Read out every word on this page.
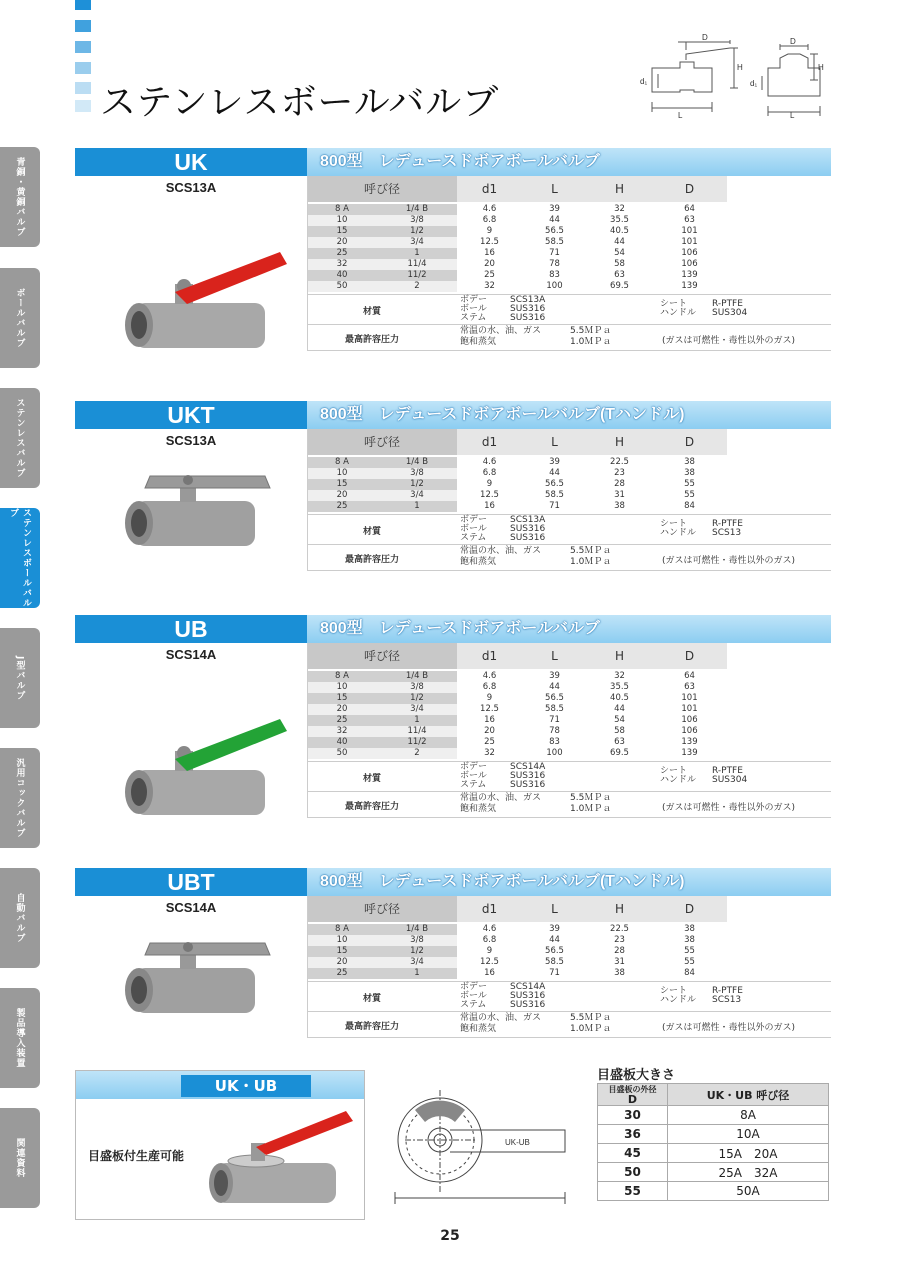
ステンレスボールバルブ
D	D
H	H
d₁	d₁
L	L
青銅・黄銅バルブ
ボールバルブ
ステンレスバルブ
ステンレスボールバルブ
J型バルブ
汎用コックバルブ
自動バルブ
製品導入装置
関連資料
UK	800型　レデュースドボアボールバルブ
SCS13A	呼び径	d1	L	H	D
8 A	1/4 B	4.6	39	32	64
10	3/8	6.8	44	35.5	63
15	1/2	9	56.5	40.5	101
20	3/4	12.5	58.5	44	101
25	1	16	71	54	106
32	11/4	20	78	58	106
40	11/2	25	83	63	139
50	2	32	100	69.5	139
材質
ボデー	SCS13A
ボール	SUS316
ステム	SUS316
シート	R-PTFE
ハンドル SUS304
最高許容圧力
常温の水、油、ガス	5.5ＭＰａ
飽和蒸気	1.0ＭＰａ	(ガスは可燃性・毒性以外のガス)
UKT	800型　レデュースドボアボールバルブ(Tハンドル)
SCS13A	呼び径	d1	L	H	D
8 A	1/4 B	4.6	39	22.5	38
10	3/8	6.8	44	23	38
15	1/2	9	56.5	28	55
20	3/4	12.5	58.5	31	55
25	1	16	71	38	84
材質
ボデー	SCS13A
ボール	SUS316
ステム	SUS316
シート	R-PTFE
ハンドル SCS13
最高許容圧力
常温の水、油、ガス	5.5ＭＰａ
飽和蒸気	1.0ＭＰａ	(ガスは可燃性・毒性以外のガス)
UB	800型　レデュースドボアボールバルブ
SCS14A	呼び径	d1	L	H	D
8 A	1/4 B	4.6	39	32	64
10	3/8	6.8	44	35.5	63
15	1/2	9	56.5	40.5	101
20	3/4	12.5	58.5	44	101
25	1	16	71	54	106
32	11/4	20	78	58	106
40	11/2	25	83	63	139
50	2	32	100	69.5	139
材質
ボデー	SCS14A
ボール	SUS316
ステム	SUS316
シート	R-PTFE
ハンドル SUS304
最高許容圧力
常温の水、油、ガス	5.5ＭＰａ
飽和蒸気	1.0ＭＰａ	(ガスは可燃性・毒性以外のガス)
UBT	800型　レデュースドボアボールバルブ(Tハンドル)
SCS14A	呼び径	d1	L	H	D
8 A	1/4 B	4.6	39	22.5	38
10	3/8	6.8	44	23	38
15	1/2	9	56.5	28	55
20	3/4	12.5	58.5	31	55
25	1	16	71	38	84
材質
ボデー	SCS14A
ボール	SUS316
ステム	SUS316
シート	R-PTFE
ハンドル SCS13
最高許容圧力
常温の水、油、ガス	5.5ＭＰａ
飽和蒸気	1.0ＭＰａ	(ガスは可燃性・毒性以外のガス)
UK・UB
目盛板付生産可能
UK-UB
目盛板大きさ
目盛板の外径
D	UK・UB 呼び径
30	8A
36	10A
45	15A　20A
50	25A　32A
55	50A
25
